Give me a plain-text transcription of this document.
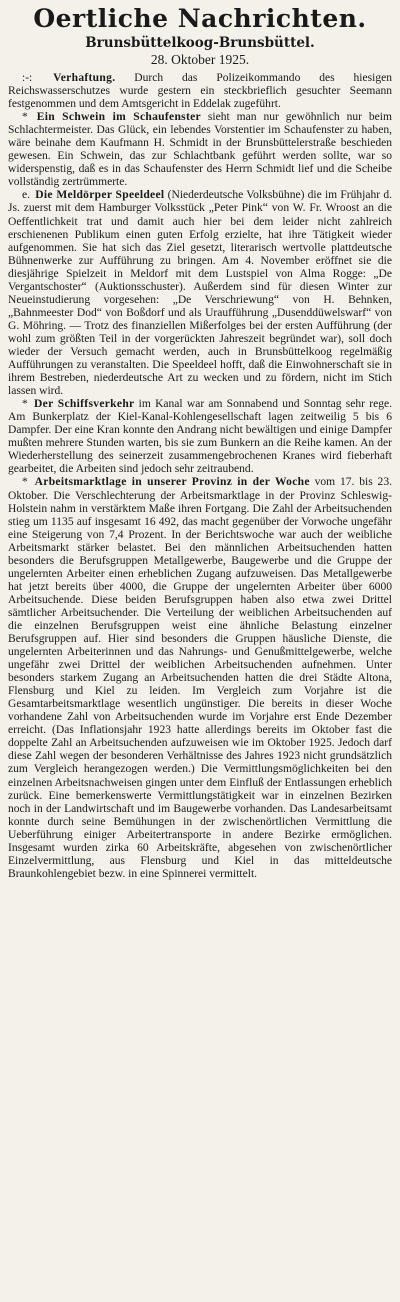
Oertliche Nachrichten.
Brunsbüttelkoog-Brunsbüttel.
28. Oktober 1925.

:-: Verhaftung. Durch das Polizeikommando des hiesigen Reichswasserschutzes wurde gestern ein steckbrieflich gesuchter Seemann festgenommen und dem Amtsgericht in Eddelak zugeführt.

* Ein Schwein im Schaufenster sieht man nur gewöhnlich nur beim Schlachtermeister. Das Glück, ein lebendes Vorstentier im Schaufenster zu haben, wäre beinahe dem Kaufmann H. Schmidt in der Brunsbüttelerstraße beschieden gewesen. Ein Schwein, das zur Schlachtbank geführt werden sollte, war so widerspenstig, daß es in das Schaufenster des Herrn Schmidt lief und die Scheibe vollständig zertrümmerte.

e. Die Meldörper Speeldeel (Niederdeutsche Volksbühne) die im Frühjahr d. Js. zuerst mit dem Hamburger Volksstück „Peter Pink“ von W. Fr. Wroost an die Oeffentlichkeit trat und damit auch hier bei dem leider nicht zahlreich erschienenen Publikum einen guten Erfolg erzielte, hat ihre Tätigkeit wieder aufgenommen. Sie hat sich das Ziel gesetzt, literarisch wertvolle plattdeutsche Bühnenwerke zur Aufführung zu bringen. Am 4. November eröffnet sie die diesjährige Spielzeit in Meldorf mit dem Lustspiel von Alma Rogge: „De Vergantschoster“ (Auktionsschuster). Außerdem sind für diesen Winter zur Neueinstudierung vorgesehen: „De Verschriewung“ von H. Behnken, „Bahnmeester Dod“ von Boßdorf und als Uraufführung „Dusenddüwelswarf“ von G. Möhring. — Trotz des finanziellen Mißerfolges bei der ersten Aufführung (der wohl zum größten Teil in der vorgerückten Jahreszeit begründet war), soll doch wieder der Versuch gemacht werden, auch in Brunsbüttelkoog regelmäßig Aufführungen zu veranstalten. Die Speeldeel hofft, daß die Einwohnerschaft sie in ihrem Bestreben, niederdeutsche Art zu wecken und zu fördern, nicht im Stich lassen wird.

* Der Schiffsverkehr im Kanal war am Sonnabend und Sonntag sehr rege. Am Bunkerplatz der Kiel-Kanal-Kohlengesellschaft lagen zeitweilig 5 bis 6 Dampfer. Der eine Kran konnte den Andrang nicht bewältigen und einige Dampfer mußten mehrere Stunden warten, bis sie zum Bunkern an die Reihe kamen. An der Wiederherstellung des seinerzeit zusammengebrochenen Kranes wird fieberhaft gearbeitet, die Arbeiten sind jedoch sehr zeitraubend.

* Arbeitsmarktlage in unserer Provinz in der Woche vom 17. bis 23. Oktober. Die Verschlechterung der Arbeitsmarktlage in der Provinz Schleswig-Holstein nahm in verstärktem Maße ihren Fortgang. Die Zahl der Arbeitsuchenden stieg um 1135 auf insgesamt 16 492, das macht gegenüber der Vorwoche ungefähr eine Steigerung von 7,4 Prozent. In der Berichtswoche war auch der weibliche Arbeitsmarkt stärker belastet. Bei den männlichen Arbeitsuchenden hatten besonders die Berufsgruppen Metallgewerbe, Baugewerbe und die Gruppe der ungelernten Arbeiter einen erheblichen Zugang aufzuweisen. Das Metallgewerbe hat jetzt bereits über 4000, die Gruppe der ungelernten Arbeiter über 6000 Arbeitsuchende. Diese beiden Berufsgruppen haben also etwa zwei Drittel sämtlicher Arbeitsuchender. Die Verteilung der weiblichen Arbeitsuchenden auf die einzelnen Berufsgruppen weist eine ähnliche Belastung einzelner Berufsgruppen auf. Hier sind besonders die Gruppen häusliche Dienste, die ungelernten Arbeiterinnen und das Nahrungs- und Genußmittelgewerbe, welche ungefähr zwei Drittel der weiblichen Arbeitsuchenden aufnehmen. Unter besonders starkem Zugang an Arbeitsuchenden hatten die drei Städte Altona, Flensburg und Kiel zu leiden. Im Vergleich zum Vorjahre ist die Gesamtarbeitsmarktlage wesentlich ungünstiger. Die bereits in dieser Woche vorhandene Zahl von Arbeitsuchenden wurde im Vorjahre erst Ende Dezember erreicht. (Das Inflationsjahr 1923 hatte allerdings bereits im Oktober fast die doppelte Zahl an Arbeitsuchenden aufzuweisen wie im Oktober 1925. Jedoch darf diese Zahl wegen der besonderen Verhältnisse des Jahres 1923 nicht grundsätzlich zum Vergleich herangezogen werden.) Die Vermittlungsmöglichkeiten bei den einzelnen Arbeitsnachweisen gingen unter dem Einfluß der Entlassungen erheblich zurück. Eine bemerkenswerte Vermittlungstätigkeit war in einzelnen Bezirken noch in der Landwirtschaft und im Baugewerbe vorhanden. Das Landesarbeitsamt konnte durch seine Bemühungen in der zwischenörtlichen Vermittlung die Ueberführung einiger Arbeitertransporte in andere Bezirke ermöglichen. Insgesamt wurden zirka 60 Arbeitskräfte, abgesehen von zwischenörtlicher Einzelvermittlung, aus Flensburg und Kiel in das mitteldeutsche Braunkohlengebiet bezw. in eine Spinnerei vermittelt.
